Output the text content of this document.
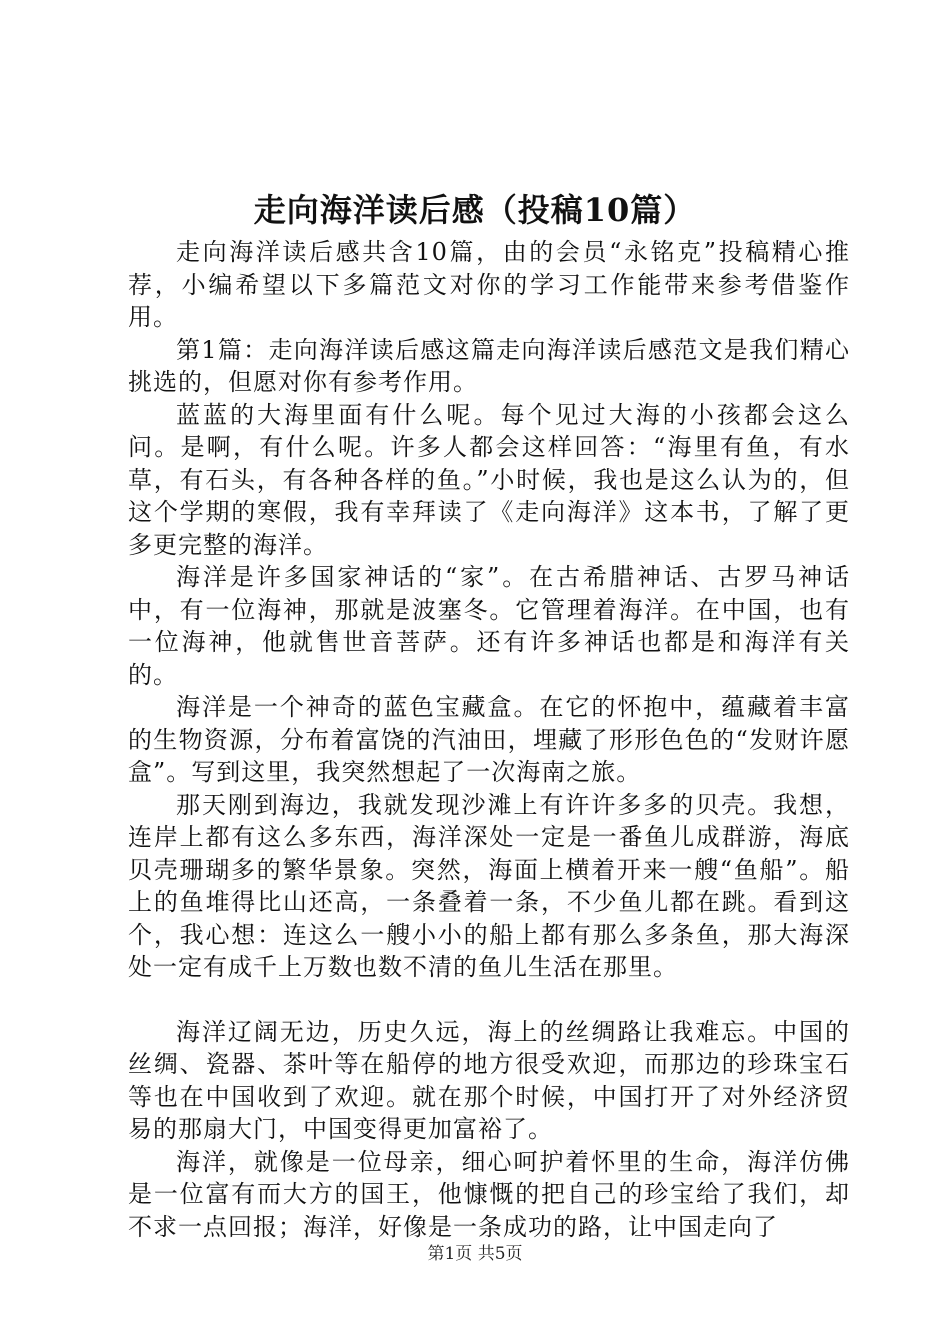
走向海洋读后感（投稿10篇）

走向海洋读后感共含10篇，由的会员“永铭克”投稿精心推荐，小编希望以下多篇范文对你的学习工作能带来参考借鉴作用。

第1篇：走向海洋读后感这篇走向海洋读后感范文是我们精心挑选的，但愿对你有参考作用。

蓝蓝的大海里面有什么呢。每个见过大海的小孩都会这么问。是啊，有什么呢。许多人都会这样回答：“海里有鱼，有水草，有石头，有各种各样的鱼。”小时候，我也是这么认为的，但这个学期的寒假，我有幸拜读了《走向海洋》这本书，了解了更多更完整的海洋。

海洋是许多国家神话的“家”。在古希腊神话、古罗马神话中，有一位海神，那就是波塞冬。它管理着海洋。在中国，也有一位海神，他就售世音菩萨。还有许多神话也都是和海洋有关的。

海洋是一个神奇的蓝色宝藏盒。在它的怀抱中，蕴藏着丰富的生物资源，分布着富饶的汽油田，埋藏了形形色色的“发财许愿盒”。写到这里，我突然想起了一次海南之旅。

那天刚到海边，我就发现沙滩上有许许多多的贝壳。我想，连岸上都有这么多东西，海洋深处一定是一番鱼儿成群游，海底贝壳珊瑚多的繁华景象。突然，海面上横着开来一艘“鱼船”。船上的鱼堆得比山还高，一条叠着一条，不少鱼儿都在跳。看到这个，我心想：连这么一艘小小的船上都有那么多条鱼，那大海深处一定有成千上万数也数不清的鱼儿生活在那里。

海洋辽阔无边，历史久远，海上的丝绸路让我难忘。中国的丝绸、瓷器、茶叶等在船停的地方很受欢迎，而那边的珍珠宝石等也在中国收到了欢迎。就在那个时候，中国打开了对外经济贸易的那扇大门，中国变得更加富裕了。

海洋，就像是一位母亲，细心呵护着怀里的生命，海洋仿佛是一位富有而大方的国王，他慷慨的把自己的珍宝给了我们，却不求一点回报；海洋，好像是一条成功的路，让中国走向了

第1页 共5页
